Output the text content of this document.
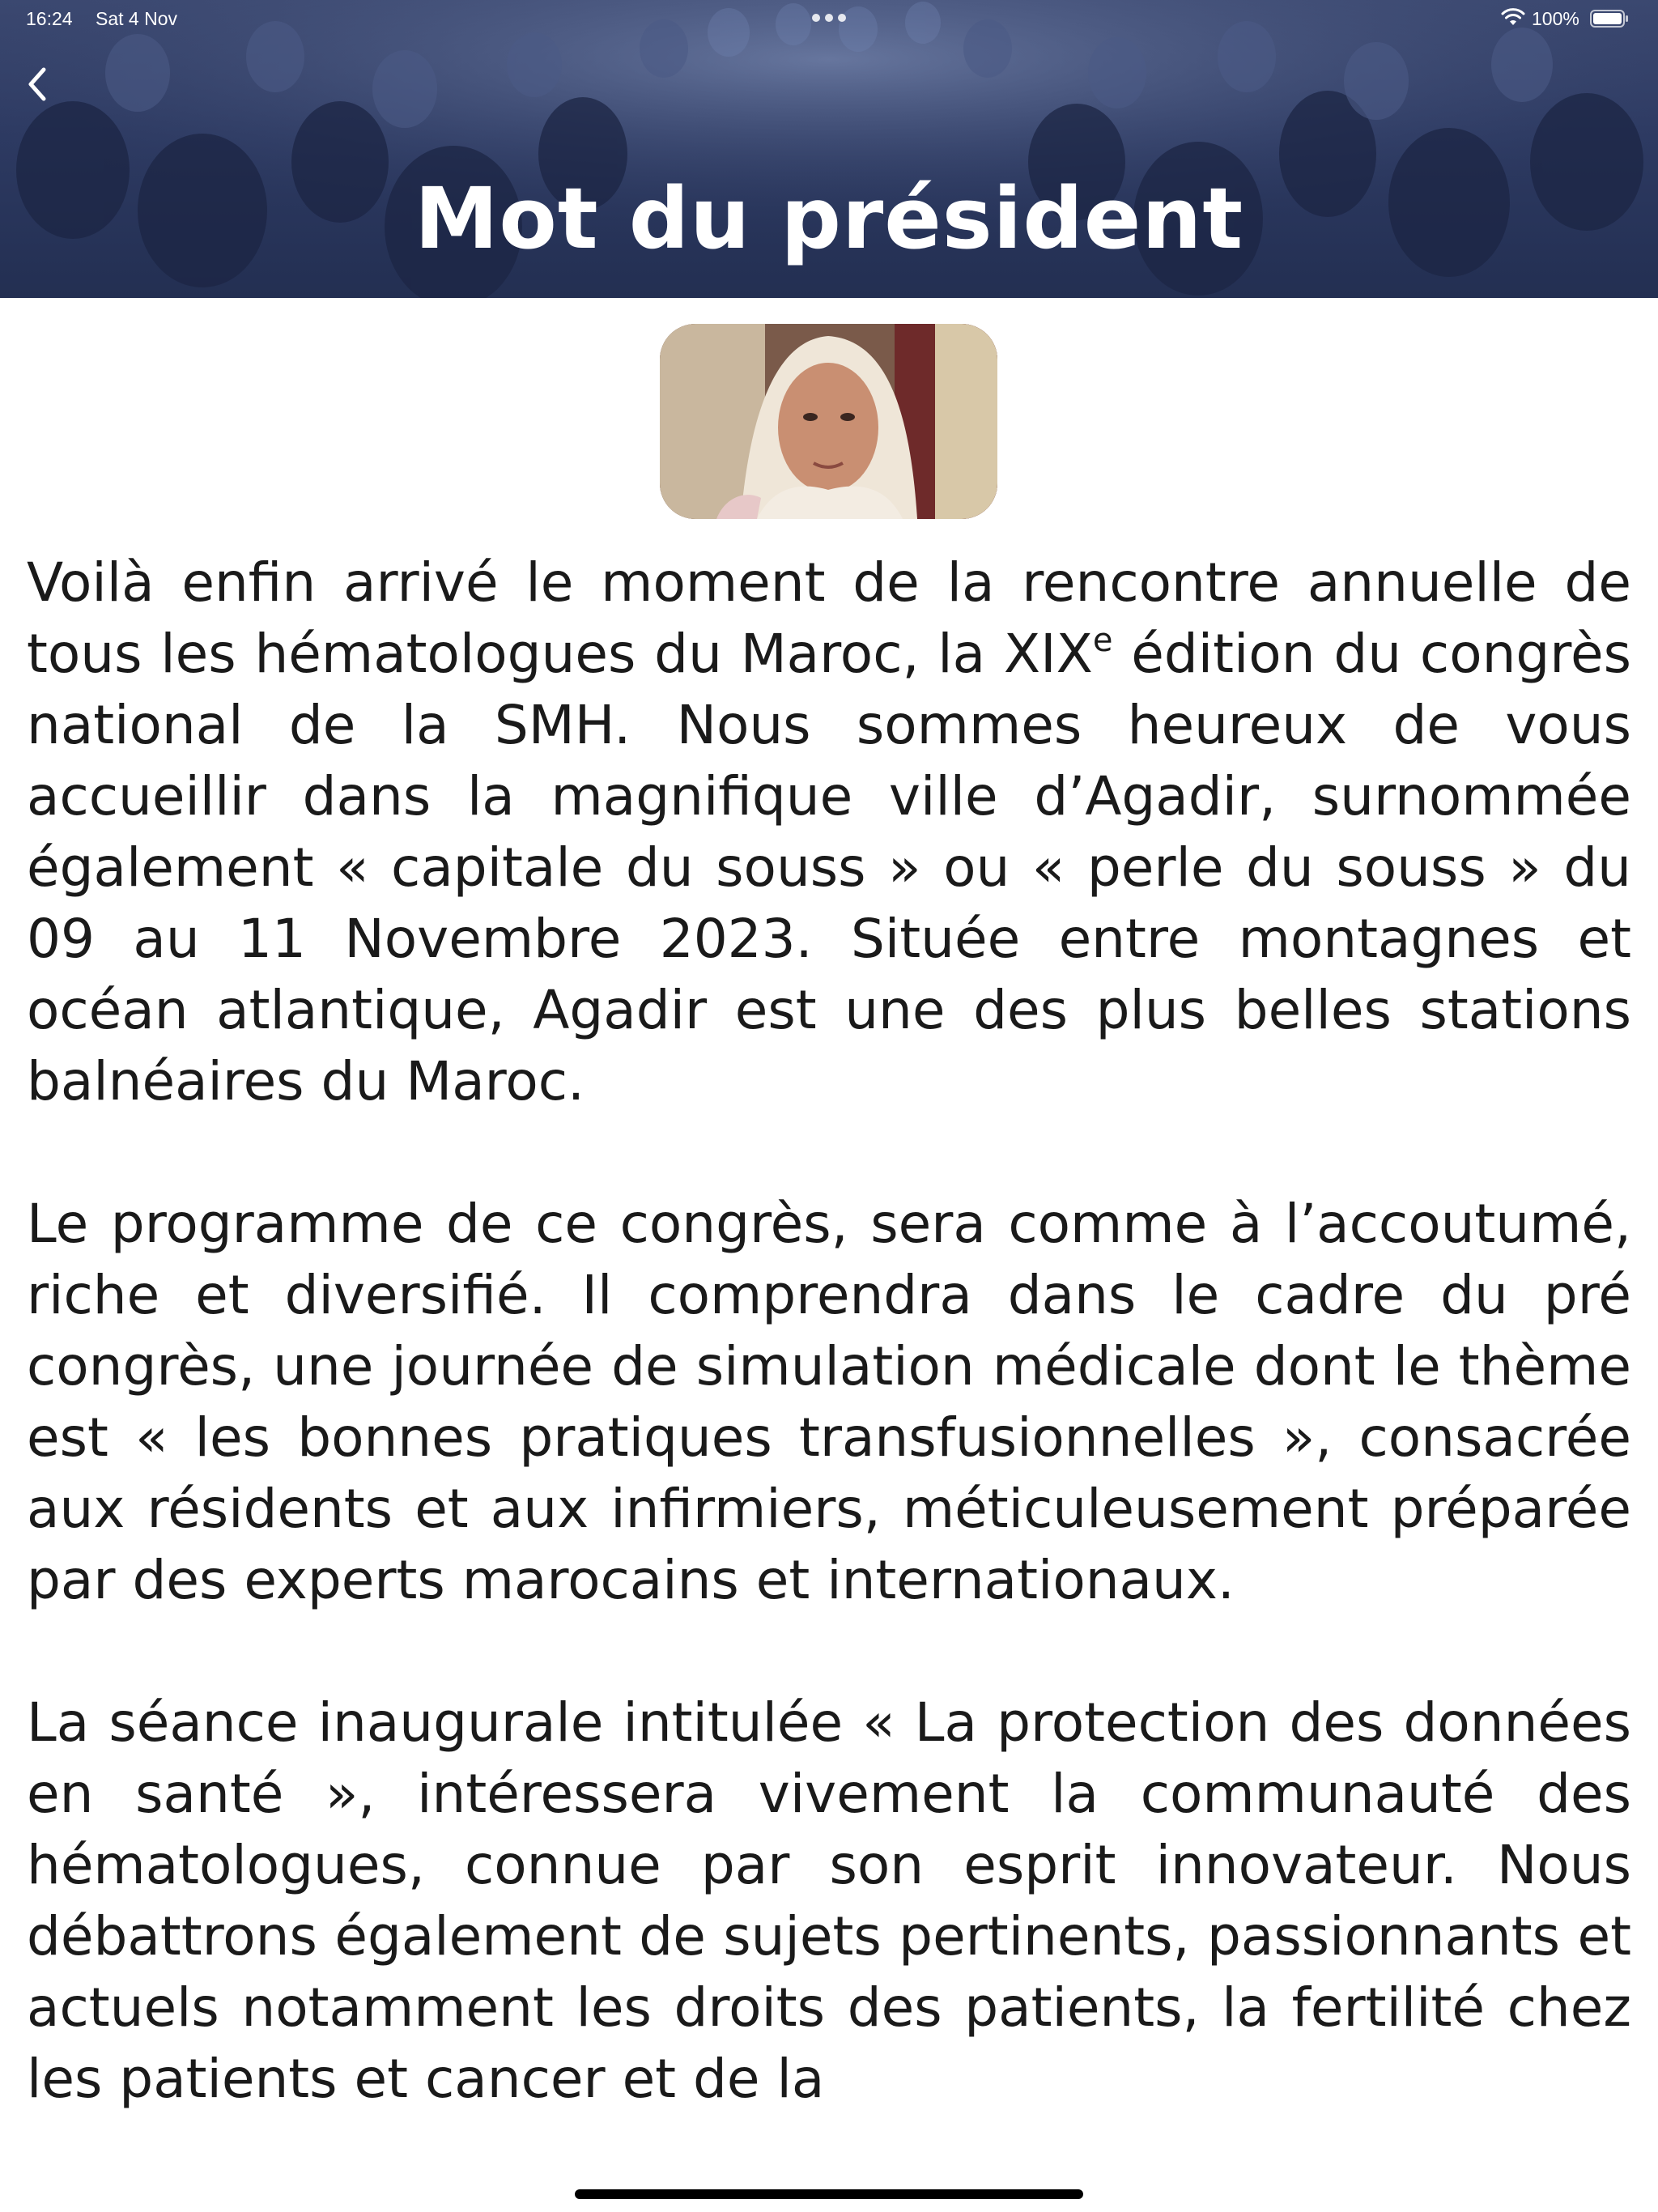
16:24 Sat 4 Nov	100%
Mot du président

Voilà enfin arrivé le moment de la rencontre annuelle de tous les hématologues du Maroc, la XIXe édition du congrès national de la SMH. Nous sommes heureux de vous accueillir dans la magnifique ville d’Agadir, surnommée également « capitale du souss » ou « perle du souss » du 09 au 11 Novembre 2023. Située entre montagnes et océan atlantique, Agadir est une des plus belles stations balnéaires du Maroc.

Le programme de ce congrès, sera comme à l’accoutumé, riche et diversifié. Il comprendra dans le cadre du pré congrès, une journée de simulation médicale dont le thème est « les bonnes pratiques transfusionnelles », consacrée aux résidents et aux infirmiers, méticuleusement préparée par des experts marocains et internationaux.

La séance inaugurale intitulée « La protection des données en santé », intéressera vivement la communauté des hématologues, connue par son esprit innovateur. Nous débattrons également de sujets pertinents, passionnants et actuels notamment les droits des patients, la fertilité chez les patients et cancer et de la
